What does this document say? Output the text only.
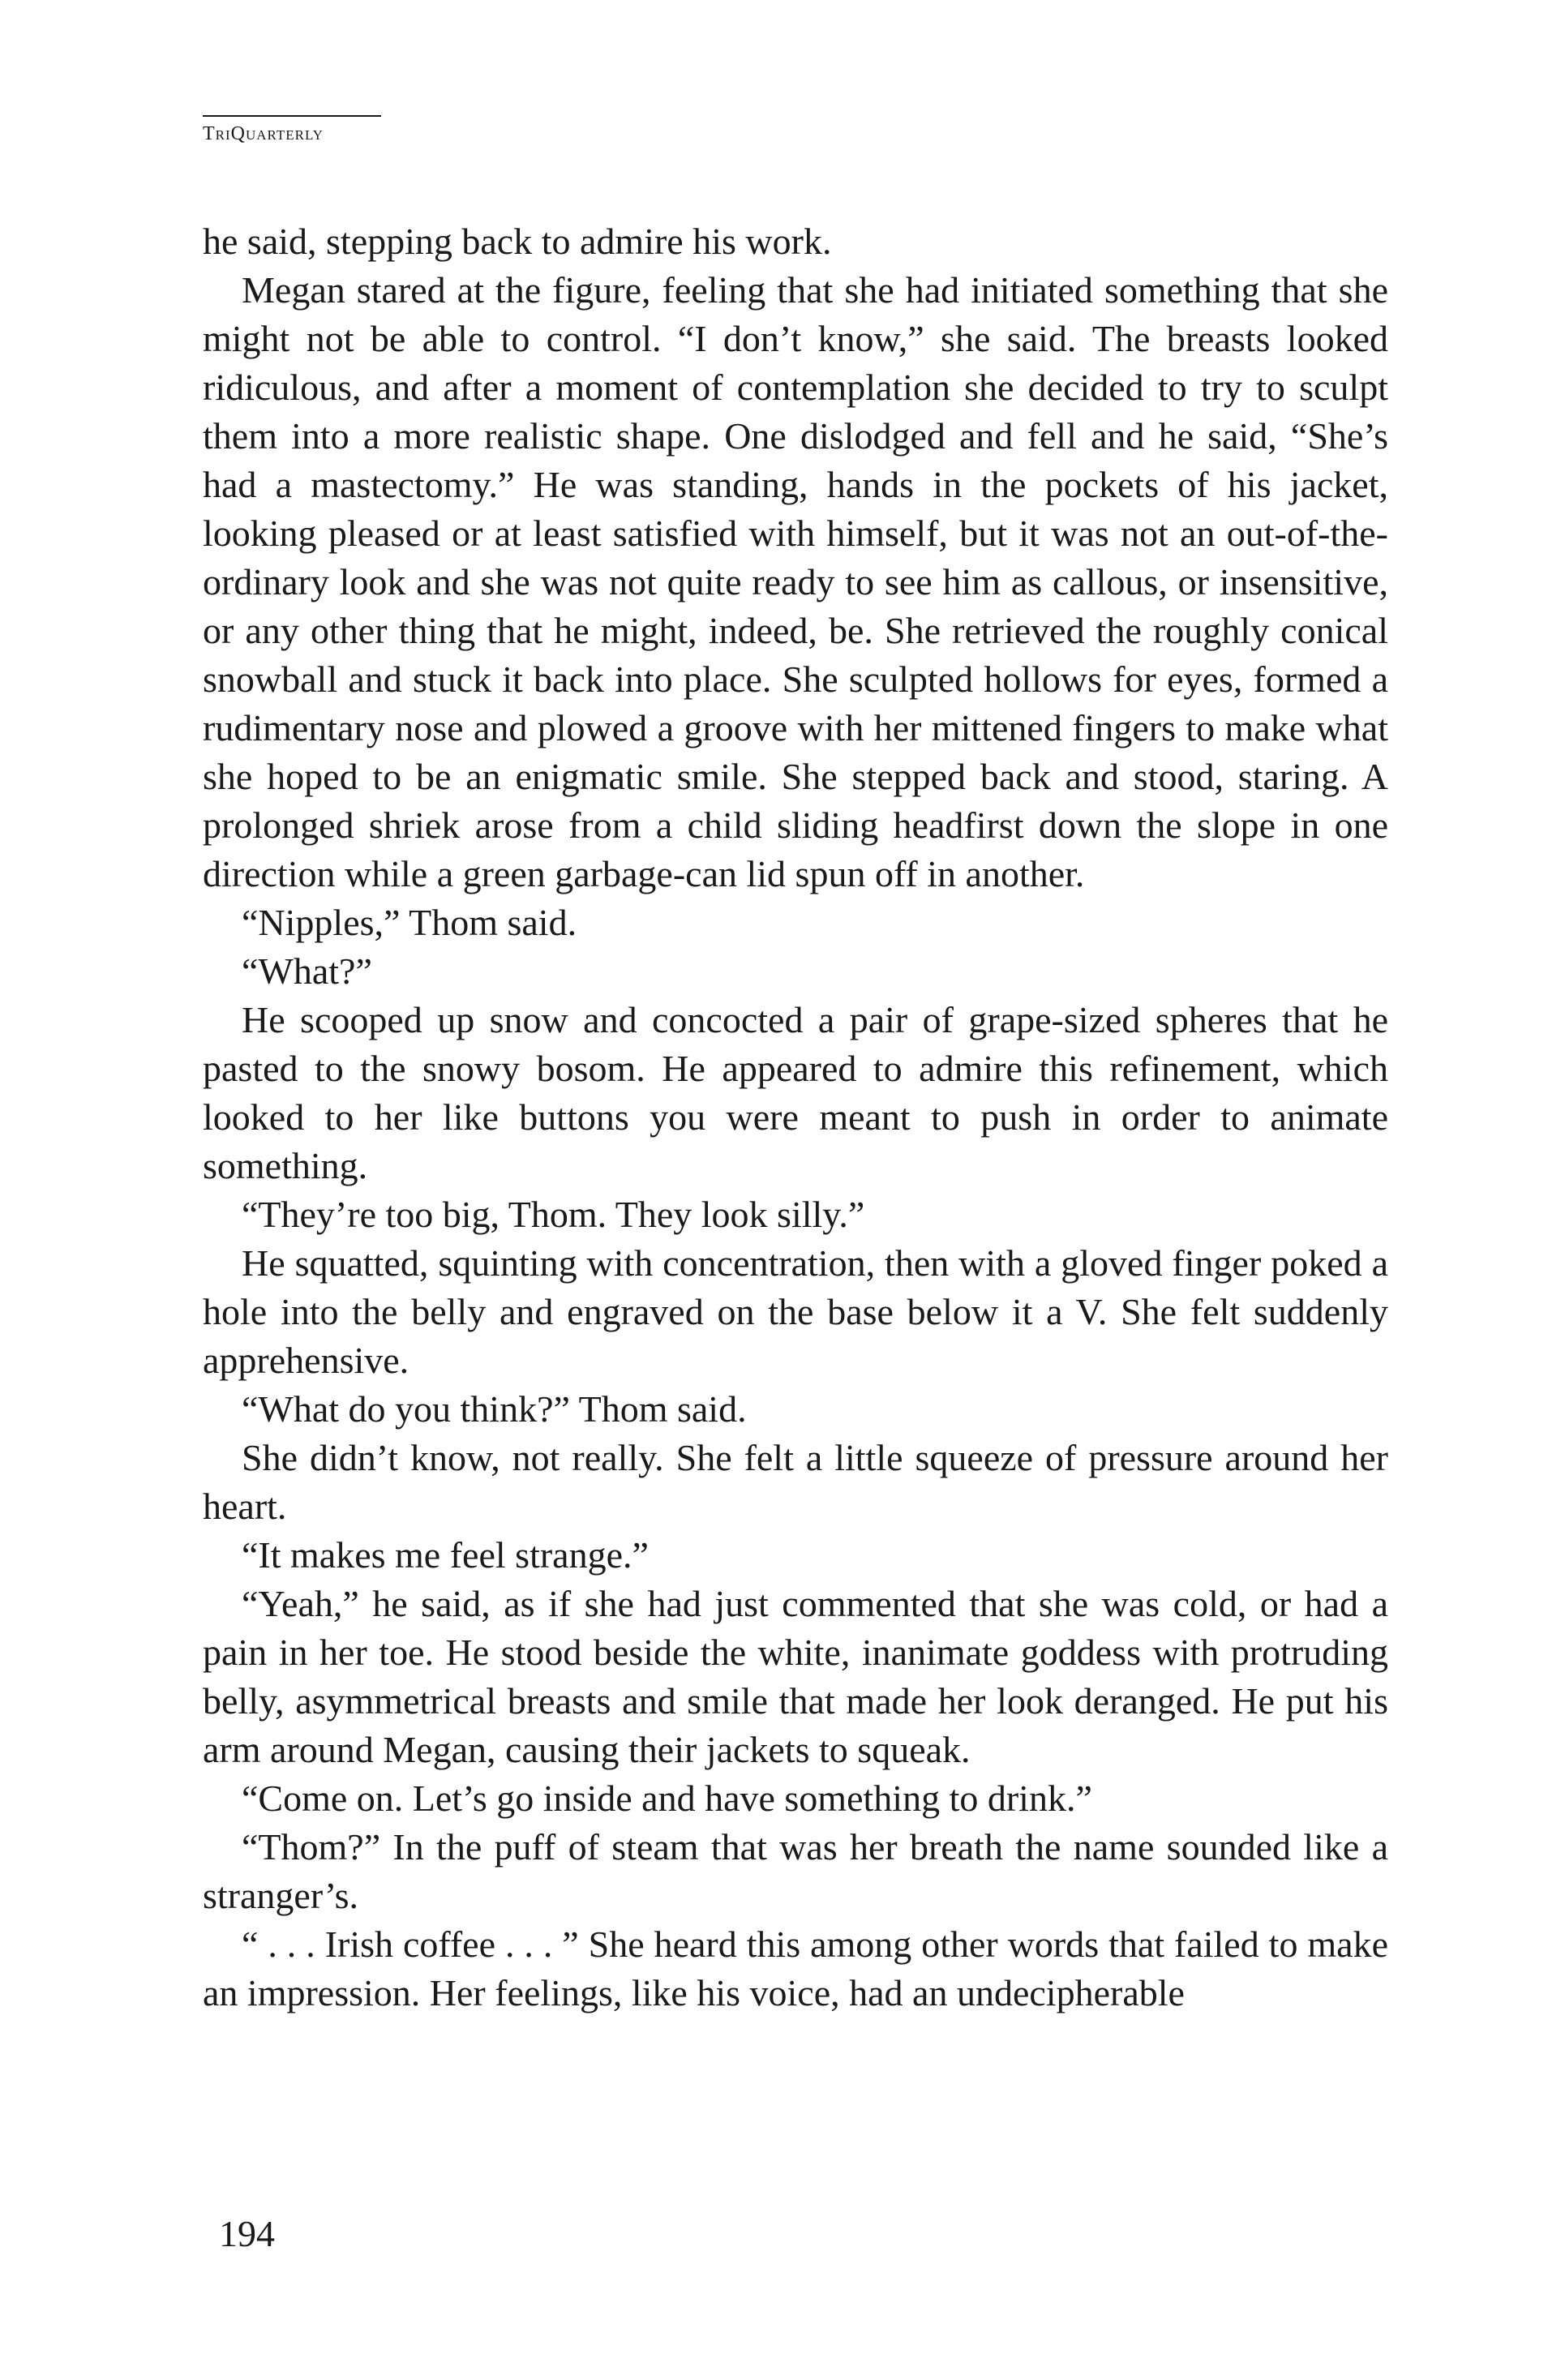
TriQuarterly

he said, stepping back to admire his work.

Megan stared at the figure, feeling that she had initiated something that she might not be able to control. “I don’t know,” she said. The breasts looked ridiculous, and after a moment of contemplation she decided to try to sculpt them into a more realistic shape. One dislodged and fell and he said, “She’s had a mastectomy.” He was standing, hands in the pockets of his jacket, looking pleased or at least satisfied with himself, but it was not an out-of-the-ordinary look and she was not quite ready to see him as callous, or insensitive, or any other thing that he might, indeed, be. She retrieved the roughly conical snowball and stuck it back into place. She sculpted hollows for eyes, formed a rudimentary nose and plowed a groove with her mittened fingers to make what she hoped to be an enigmatic smile. She stepped back and stood, staring. A prolonged shriek arose from a child sliding headfirst down the slope in one direction while a green garbage-can lid spun off in another.

“Nipples,” Thom said.

“What?”

He scooped up snow and concocted a pair of grape-sized spheres that he pasted to the snowy bosom. He appeared to admire this refinement, which looked to her like buttons you were meant to push in order to animate something.

“They’re too big, Thom. They look silly.”

He squatted, squinting with concentration, then with a gloved finger poked a hole into the belly and engraved on the base below it a V. She felt suddenly apprehensive.

“What do you think?” Thom said.

She didn’t know, not really. She felt a little squeeze of pressure around her heart.

“It makes me feel strange.”

“Yeah,” he said, as if she had just commented that she was cold, or had a pain in her toe. He stood beside the white, inanimate goddess with protruding belly, asymmetrical breasts and smile that made her look deranged. He put his arm around Megan, causing their jackets to squeak.

“Come on. Let’s go inside and have something to drink.”

“Thom?” In the puff of steam that was her breath the name sounded like a stranger’s.

“ . . . Irish coffee . . . ” She heard this among other words that failed to make an impression. Her feelings, like his voice, had an undecipherable

194
